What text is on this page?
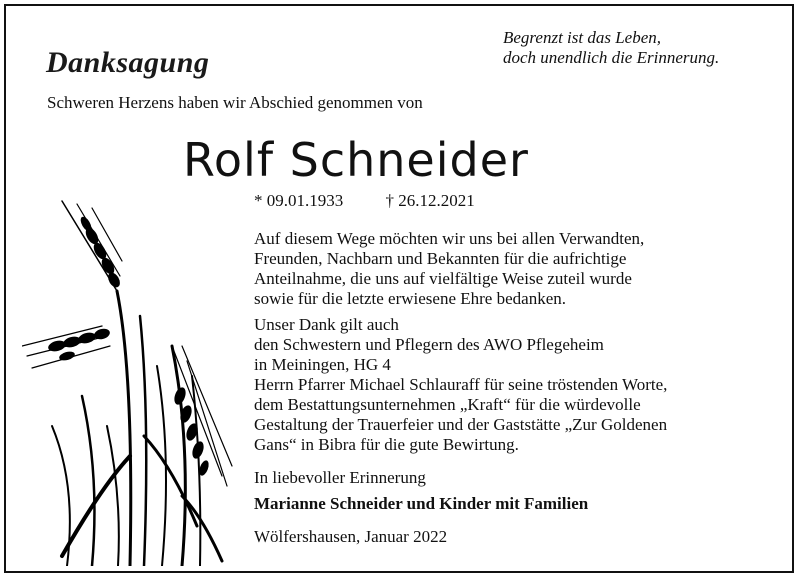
Danksagung
Begrenzt ist das Leben,
doch unendlich die Erinnerung.
Schweren Herzens haben wir Abschied genommen von
Rolf Schneider
* 09.01.1933 † 26.12.2021
Auf diesem Wege möchten wir uns bei allen Verwandten,
Freunden, Nachbarn und Bekannten für die aufrichtige
Anteilnahme, die uns auf vielfältige Weise zuteil wurde
sowie für die letzte erwiesene Ehre bedanken.
Unser Dank gilt auch
den Schwestern und Pflegern des AWO Pflegeheim
in Meiningen, HG 4
Herrn Pfarrer Michael Schlauraff für seine tröstenden Worte,
dem Bestattungsunternehmen „Kraft“ für die würdevolle
Gestaltung der Trauerfeier und der Gaststätte „Zur Goldenen
Gans“ in Bibra für die gute Bewirtung.
In liebevoller Erinnerung
Marianne Schneider und Kinder mit Familien
Wölfershausen, Januar 2022
